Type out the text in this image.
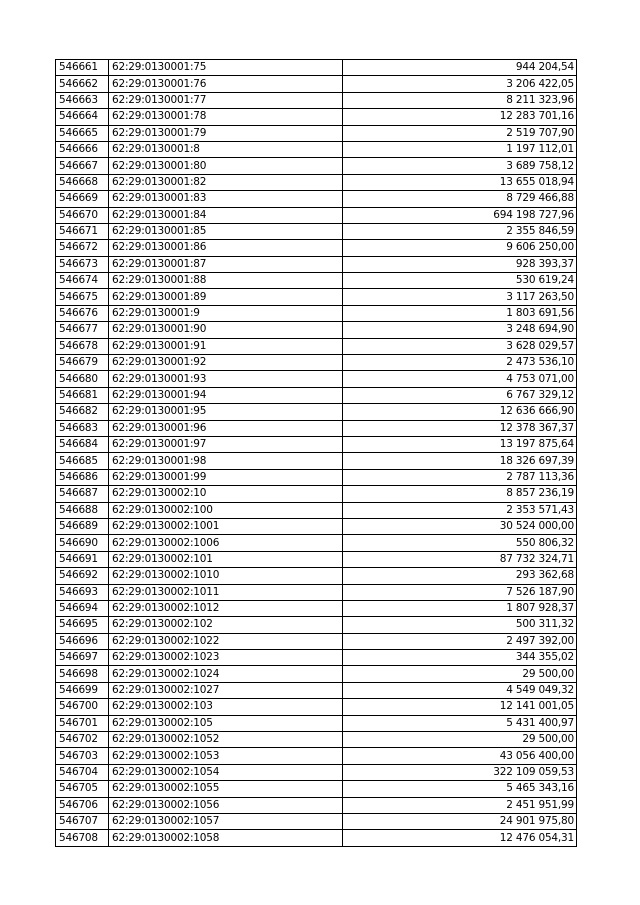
546661	62:29:0130001:75	944 204,54
546662	62:29:0130001:76	3 206 422,05
546663	62:29:0130001:77	8 211 323,96
546664	62:29:0130001:78	12 283 701,16
546665	62:29:0130001:79	2 519 707,90
546666	62:29:0130001:8	1 197 112,01
546667	62:29:0130001:80	3 689 758,12
546668	62:29:0130001:82	13 655 018,94
546669	62:29:0130001:83	8 729 466,88
546670	62:29:0130001:84	694 198 727,96
546671	62:29:0130001:85	2 355 846,59
546672	62:29:0130001:86	9 606 250,00
546673	62:29:0130001:87	928 393,37
546674	62:29:0130001:88	530 619,24
546675	62:29:0130001:89	3 117 263,50
546676	62:29:0130001:9	1 803 691,56
546677	62:29:0130001:90	3 248 694,90
546678	62:29:0130001:91	3 628 029,57
546679	62:29:0130001:92	2 473 536,10
546680	62:29:0130001:93	4 753 071,00
546681	62:29:0130001:94	6 767 329,12
546682	62:29:0130001:95	12 636 666,90
546683	62:29:0130001:96	12 378 367,37
546684	62:29:0130001:97	13 197 875,64
546685	62:29:0130001:98	18 326 697,39
546686	62:29:0130001:99	2 787 113,36
546687	62:29:0130002:10	8 857 236,19
546688	62:29:0130002:100	2 353 571,43
546689	62:29:0130002:1001	30 524 000,00
546690	62:29:0130002:1006	550 806,32
546691	62:29:0130002:101	87 732 324,71
546692	62:29:0130002:1010	293 362,68
546693	62:29:0130002:1011	7 526 187,90
546694	62:29:0130002:1012	1 807 928,37
546695	62:29:0130002:102	500 311,32
546696	62:29:0130002:1022	2 497 392,00
546697	62:29:0130002:1023	344 355,02
546698	62:29:0130002:1024	29 500,00
546699	62:29:0130002:1027	4 549 049,32
546700	62:29:0130002:103	12 141 001,05
546701	62:29:0130002:105	5 431 400,97
546702	62:29:0130002:1052	29 500,00
546703	62:29:0130002:1053	43 056 400,00
546704	62:29:0130002:1054	322 109 059,53
546705	62:29:0130002:1055	5 465 343,16
546706	62:29:0130002:1056	2 451 951,99
546707	62:29:0130002:1057	24 901 975,80
546708	62:29:0130002:1058	12 476 054,31
